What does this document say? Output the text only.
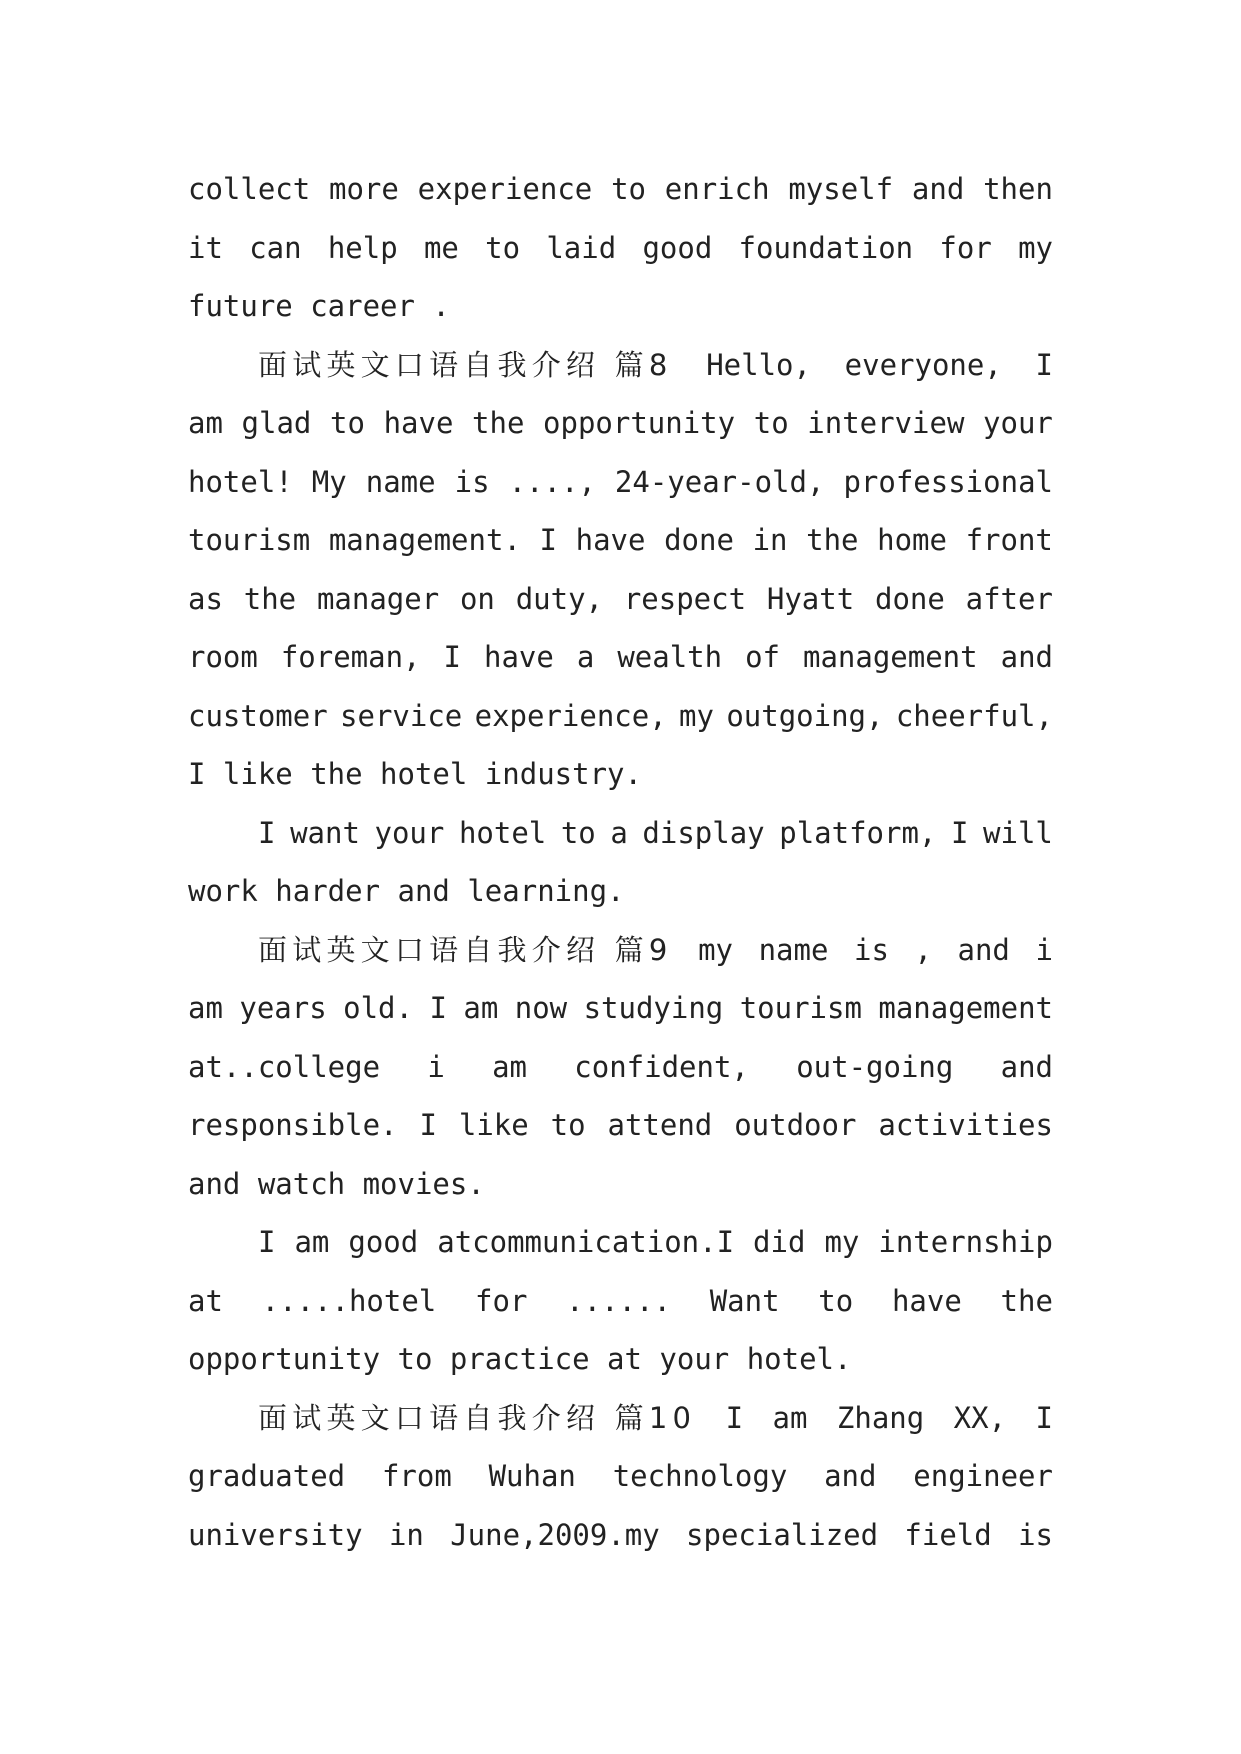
collect more experience to enrich myself and then
it can help me to laid good foundation for my
future career .
面试英文口语自我介绍 篇8 Hello, everyone, I
am glad to have the opportunity to interview your
hotel! My name is ...., 24-year-old, professional
tourism management. I have done in the home front
as the manager on duty, respect Hyatt done after
room foreman, I have a wealth of management and
customer service experience, my outgoing, cheerful,
I like the hotel industry.
I want your hotel to a display platform, I will
work harder and learning.
面试英文口语自我介绍 篇9 my name is , and i
am years old. I am now studying tourism management
at..college i am confident, out-going and
responsible. I like to attend outdoor activities
and watch movies.
I am good atcommunication.I did my internship
at .....hotel for ...... Want to have the
opportunity to practice at your hotel.
面试英文口语自我介绍 篇10 I am Zhang XX, I
graduated from Wuhan technology and engineer
university in June,2009.my specialized field is
